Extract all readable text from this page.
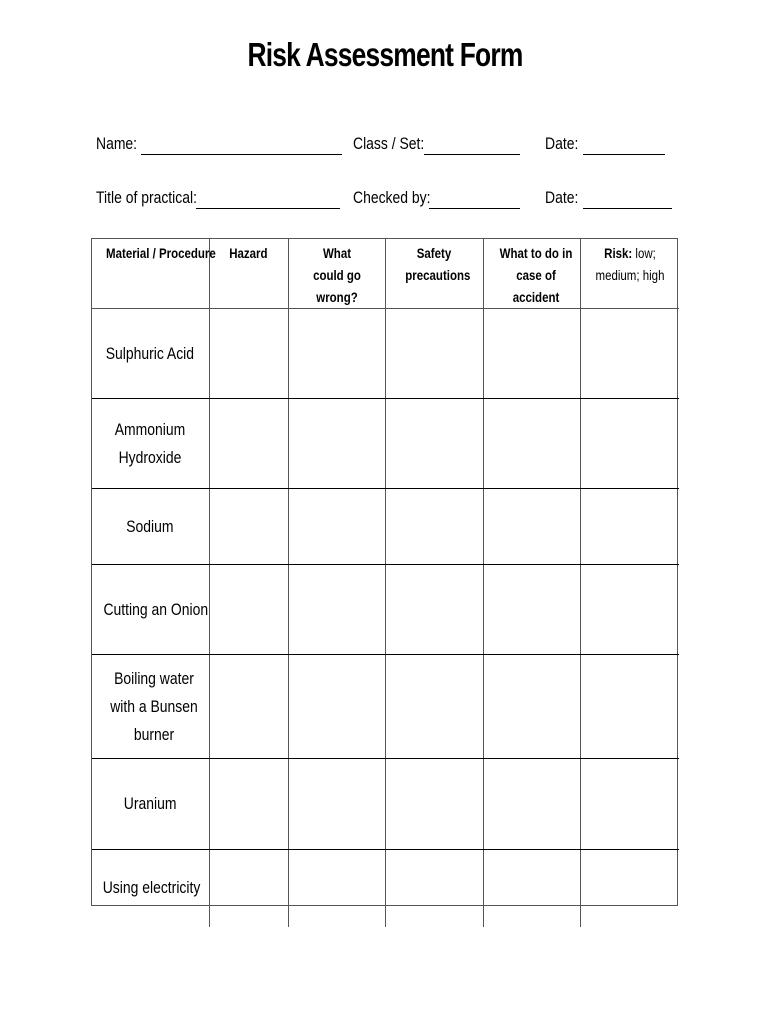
Risk Assessment Form
Name:	Class / Set:	Date:
Title of practical:	Checked by:	Date:
Material / Procedure	Hazard	What could go wrong?	Safety precautions	What to do in case of accident	Risk: low; medium; high
Sulphuric Acid					
Ammonium Hydroxide					
Sodium					
Cutting an Onion					
Boiling water with a Bunsen burner					
Uranium					
Using electricity					
